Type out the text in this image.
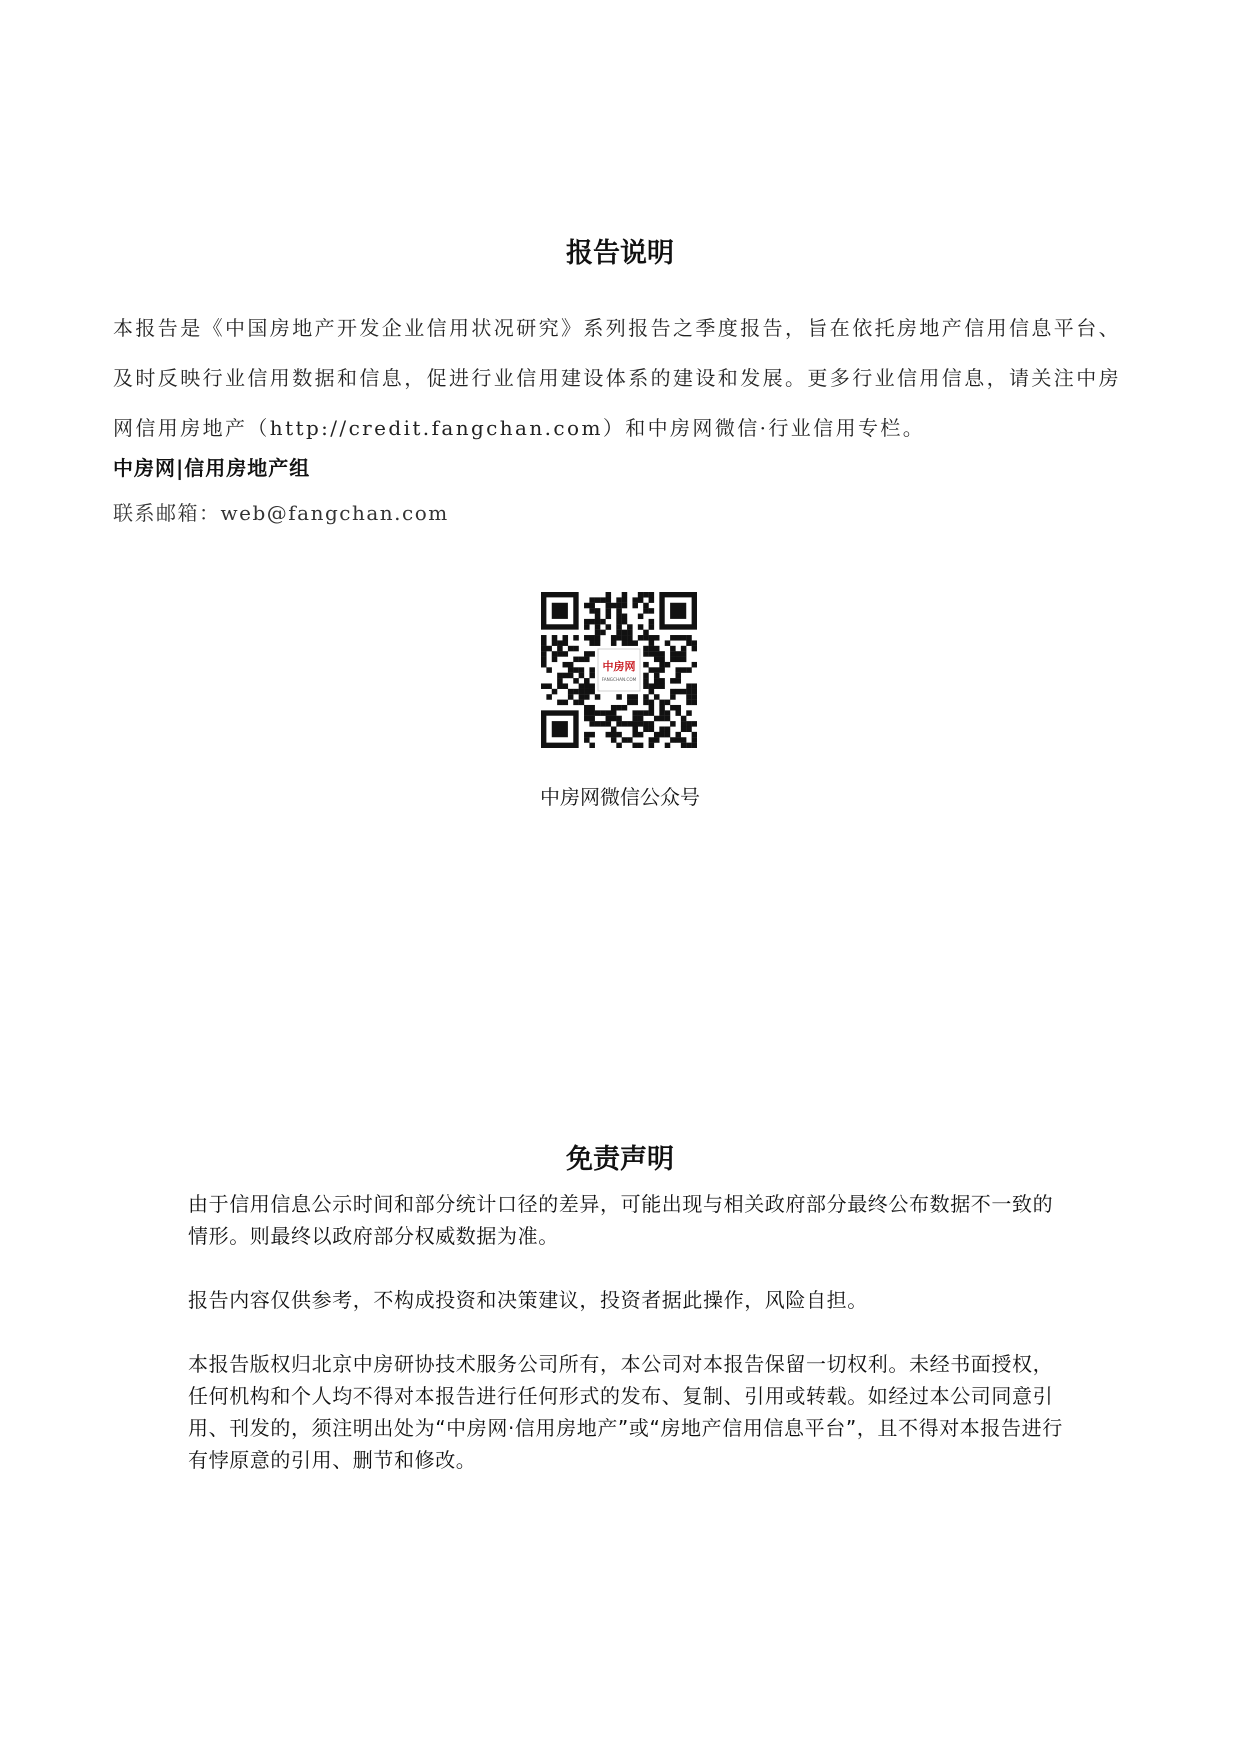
报告说明

本报告是《中国房地产开发企业信用状况研究》系列报告之季度报告，旨在依托房地产信用信息平台、及时反映行业信用数据和信息，促进行业信用建设体系的建设和发展。更多行业信用信息，请关注中房网信用房地产（http://credit.fangchan.com）和中房网微信·行业信用专栏。

中房网|信用房地产组

联系邮箱：web@fangchan.com

中房网
FANGCHAN.COM

中房网微信公众号

免责声明

由于信用信息公示时间和部分统计口径的差异，可能出现与相关政府部分最终公布数据不一致的情形。则最终以政府部分权威数据为准。

报告内容仅供参考，不构成投资和决策建议，投资者据此操作，风险自担。

本报告版权归北京中房研协技术服务公司所有，本公司对本报告保留一切权利。未经书面授权，任何机构和个人均不得对本报告进行任何形式的发布、复制、引用或转载。如经过本公司同意引用、刊发的，须注明出处为“中房网·信用房地产”或“房地产信用信息平台”，且不得对本报告进行有悖原意的引用、删节和修改。
